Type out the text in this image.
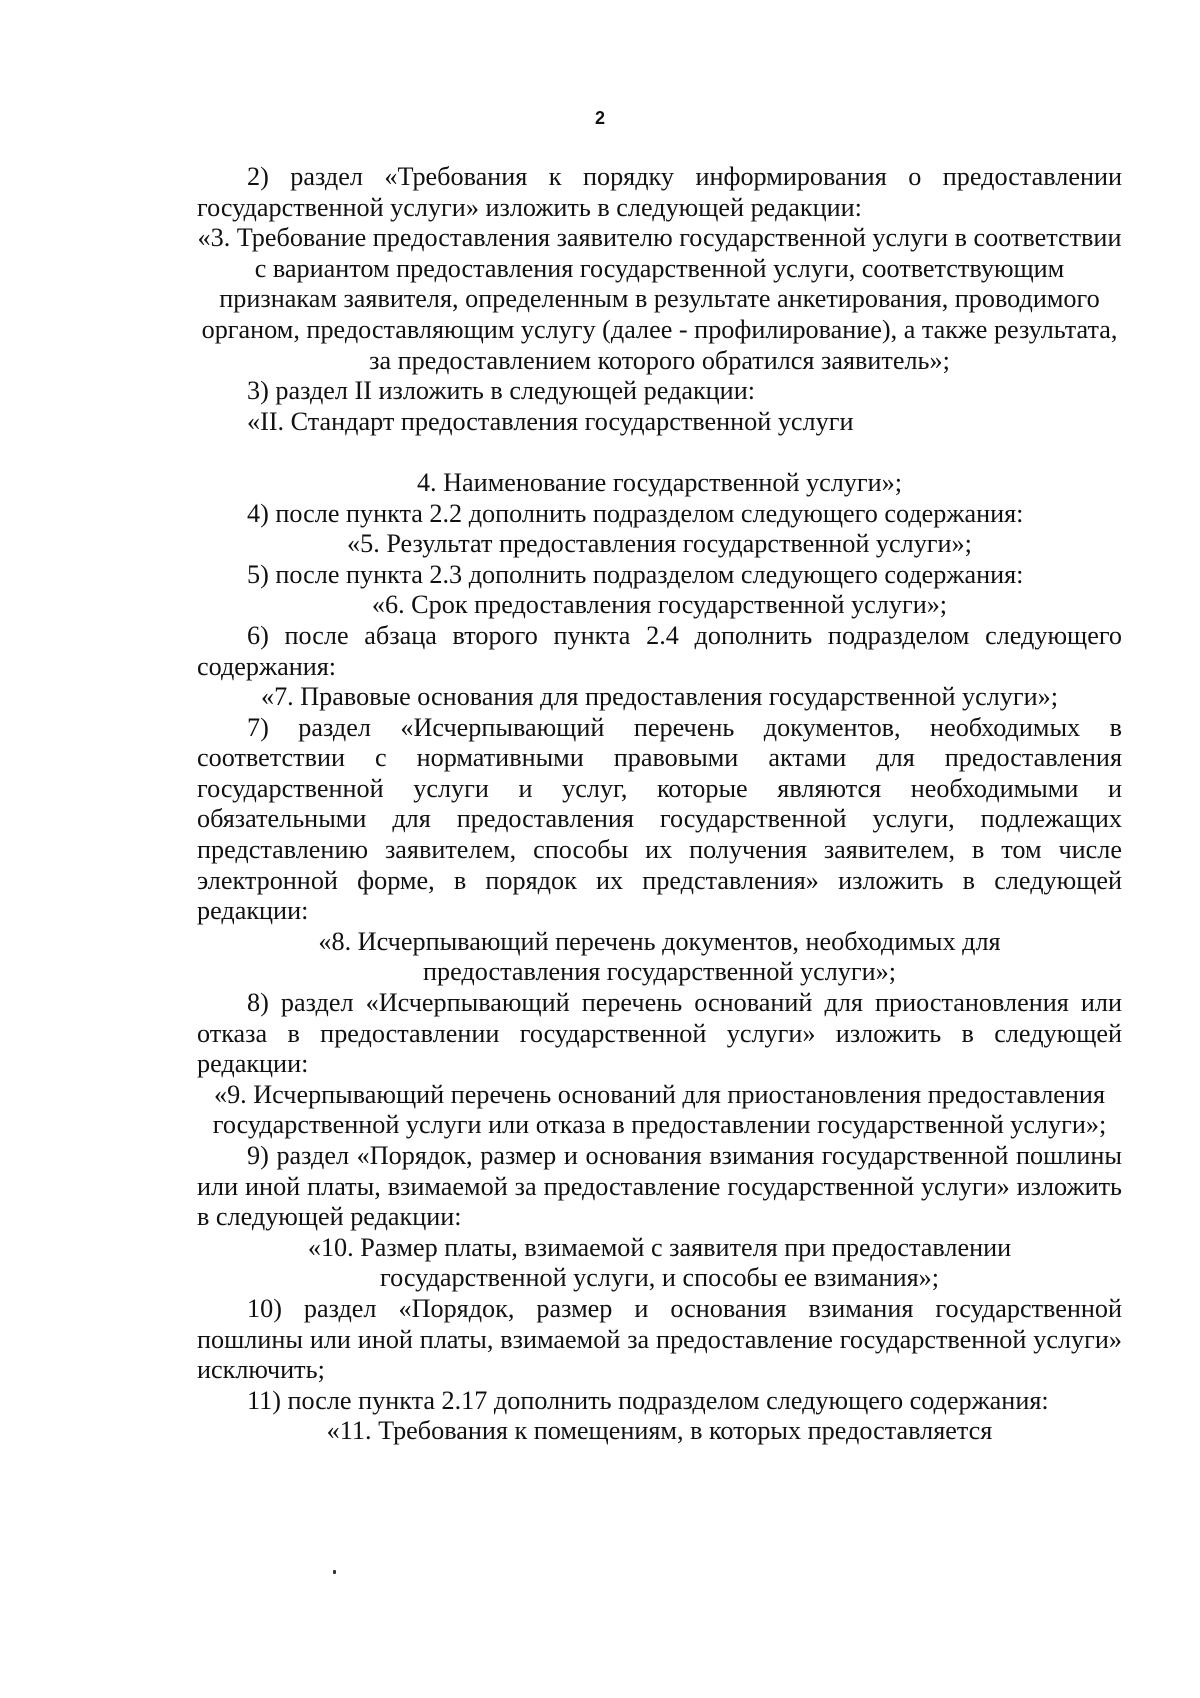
2

2) раздел «Требования к порядку информирования о предоставлении государственной услуги» изложить в следующей редакции:

«3. Требование предоставления заявителю государственной услуги в соответствии с вариантом предоставления государственной услуги, соответствующим признакам заявителя, определенным в результате анкетирования, проводимого органом, предоставляющим услугу (далее - профилирование), а также результата, за предоставлением которого обратился заявитель»;

3) раздел II изложить в следующей редакции:

«II. Стандарт предоставления государственной услуги

4. Наименование государственной услуги»;

4) после пункта 2.2 дополнить подразделом следующего содержания:

«5. Результат предоставления государственной услуги»;

5) после пункта 2.3 дополнить подразделом следующего содержания:

«6. Срок предоставления государственной услуги»;

6) после абзаца второго пункта 2.4 дополнить подразделом следующего содержания:

«7. Правовые основания для предоставления государственной услуги»;

7) раздел «Исчерпывающий перечень документов, необходимых в соответствии с нормативными правовыми актами для предоставления государственной услуги и услуг, которые являются необходимыми и обязательными для предоставления государственной услуги, подлежащих представлению заявителем, способы их получения заявителем, в том числе электронной форме, в порядок их представления» изложить в следующей редакции:

«8. Исчерпывающий перечень документов, необходимых для предоставления государственной услуги»;

8) раздел «Исчерпывающий перечень оснований для приостановления или отказа в предоставлении государственной услуги» изложить в следующей редакции:

«9. Исчерпывающий перечень оснований для приостановления предоставления государственной услуги или отказа в предоставлении государственной услуги»;

9) раздел «Порядок, размер и основания взимания государственной пошлины или иной платы, взимаемой за предоставление государственной услуги» изложить в следующей редакции:

«10. Размер платы, взимаемой с заявителя при предоставлении государственной услуги, и способы ее взимания»;

10) раздел «Порядок, размер и основания взимания государственной пошлины или иной платы, взимаемой за предоставление государственной услуги» исключить;

11) после пункта 2.17 дополнить подразделом следующего содержания:

«11. Требования к помещениям, в которых предоставляется
